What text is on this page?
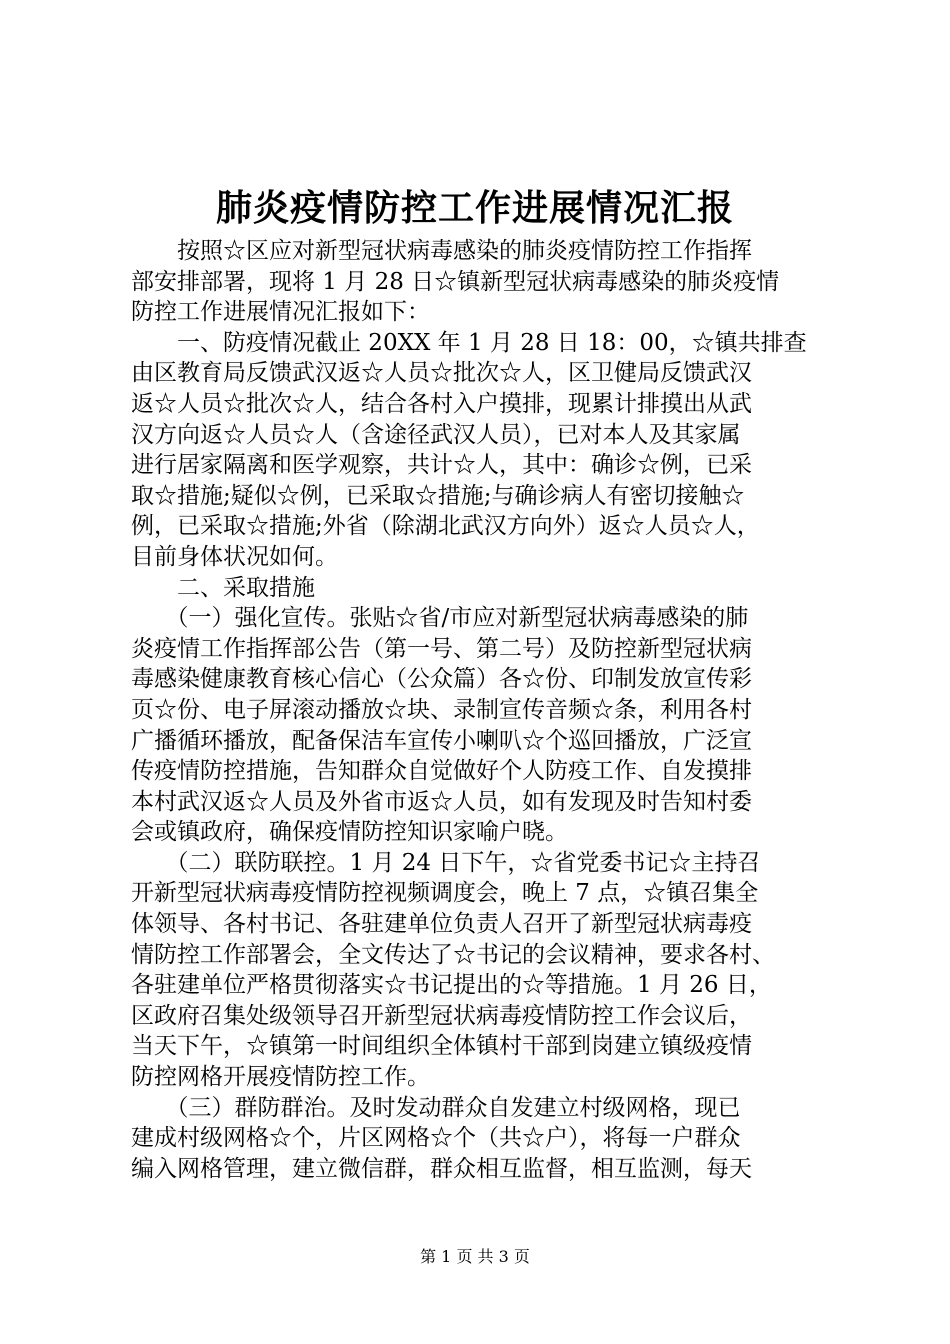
肺炎疫情防控工作进展情况汇报
　　按照☆区应对新型冠状病毒感染的肺炎疫情防控工作指挥
部安排部署，现将 1 月 28 日☆镇新型冠状病毒感染的肺炎疫情
防控工作进展情况汇报如下：
　　一、防疫情况截止 20XX 年 1 月 28 日 18：00，☆镇共排查
由区教育局反馈武汉返☆人员☆批次☆人，区卫健局反馈武汉
返☆人员☆批次☆人，结合各村入户摸排，现累计排摸出从武
汉方向返☆人员☆人（含途径武汉人员），已对本人及其家属
进行居家隔离和医学观察，共计☆人，其中：确诊☆例，已采
取☆措施;疑似☆例，已采取☆措施;与确诊病人有密切接触☆
例，已采取☆措施;外省（除湖北武汉方向外）返☆人员☆人，
目前身体状况如何。
　　二、采取措施
　　（一）强化宣传。张贴☆省/市应对新型冠状病毒感染的肺
炎疫情工作指挥部公告（第一号、第二号）及防控新型冠状病
毒感染健康教育核心信心（公众篇）各☆份、印制发放宣传彩
页☆份、电子屏滚动播放☆块、录制宣传音频☆条，利用各村
广播循环播放，配备保洁车宣传小喇叭☆个巡回播放，广泛宣
传疫情防控措施，告知群众自觉做好个人防疫工作、自发摸排
本村武汉返☆人员及外省市返☆人员，如有发现及时告知村委
会或镇政府，确保疫情防控知识家喻户晓。
　　（二）联防联控。1 月 24 日下午，☆省党委书记☆主持召
开新型冠状病毒疫情防控视频调度会，晚上 7 点，☆镇召集全
体领导、各村书记、各驻建单位负责人召开了新型冠状病毒疫
情防控工作部署会，全文传达了☆书记的会议精神，要求各村、
各驻建单位严格贯彻落实☆书记提出的☆等措施。1 月 26 日，
区政府召集处级领导召开新型冠状病毒疫情防控工作会议后，
当天下午，☆镇第一时间组织全体镇村干部到岗建立镇级疫情
防控网格开展疫情防控工作。
　　（三）群防群治。及时发动群众自发建立村级网格，现已
建成村级网格☆个，片区网格☆个（共☆户），将每一户群众
编入网格管理，建立微信群，群众相互监督，相互监测，每天
第 1 页 共 3 页
